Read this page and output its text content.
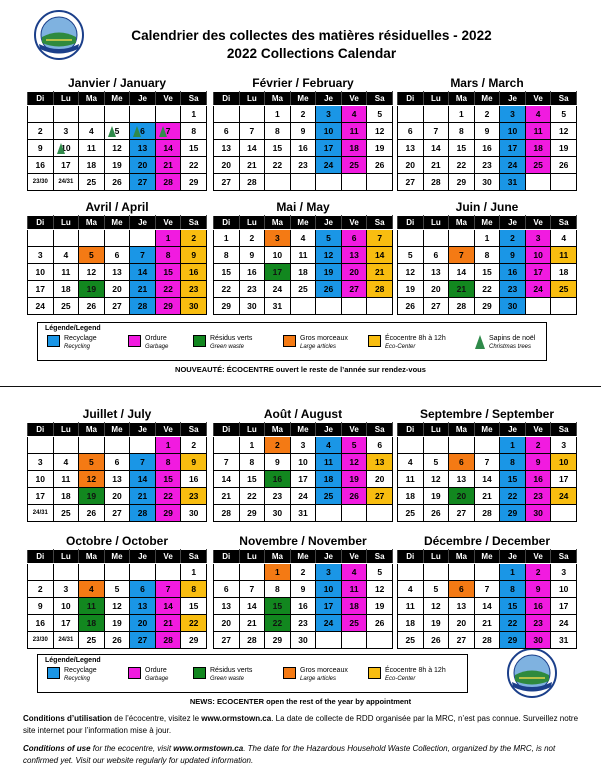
Calendrier des collectes des matières résiduelles - 2022
2022 Collections Calendar
Janvier / January
Di	Lu	Ma	Me	Je	Ve	Sa
						1
2	3	4	5	6	7	8
9	10	11	12	13	14	15
16	17	18	19	20	21	22
23/30	24/31	25	26	27	28	29
Février / February
Di	Lu	Ma	Me	Je	Ve	Sa
		1	2	3	4	5
6	7	8	9	10	11	12
13	14	15	16	17	18	19
20	21	22	23	24	25	26
27	28					
Mars / March
Di	Lu	Ma	Me	Je	Ve	Sa
		1	2	3	4	5
6	7	8	9	10	11	12
13	14	15	16	17	18	19
20	21	22	23	24	25	26
27	28	29	30	31		
Avril / April
Di	Lu	Ma	Me	Je	Ve	Sa
					1	2
3	4	5	6	7	8	9
10	11	12	13	14	15	16
17	18	19	20	21	22	23
24	25	26	27	28	29	30
Mai / May
Di	Lu	Ma	Me	Je	Ve	Sa
1	2	3	4	5	6	7
8	9	10	11	12	13	14
15	16	17	18	19	20	21
22	23	24	25	26	27	28
29	30	31				
Juin / June
Di	Lu	Ma	Me	Je	Ve	Sa
			1	2	3	4
5	6	7	8	9	10	11
12	13	14	15	16	17	18
19	20	21	22	23	24	25
26	27	28	29	30		
Juillet / July
Di	Lu	Ma	Me	Je	Ve	Sa
					1	2
3	4	5	6	7	8	9
10	11	12	13	14	15	16
17	18	19	20	21	22	23
24/31	25	26	27	28	29	30
Août / August
Di	Lu	Ma	Me	Je	Ve	Sa
	1	2	3	4	5	6
7	8	9	10	11	12	13
14	15	16	17	18	19	20
21	22	23	24	25	26	27
28	29	30	31			
Septembre / September
Di	Lu	Ma	Me	Je	Ve	Sa
				1	2	3
4	5	6	7	8	9	10
11	12	13	14	15	16	17
18	19	20	21	22	23	24
25	26	27	28	29	30	
Octobre / October
Di	Lu	Ma	Me	Je	Ve	Sa
						1
2	3	4	5	6	7	8
9	10	11	12	13	14	15
16	17	18	19	20	21	22
23/30	24/31	25	26	27	28	29
Novembre / November
Di	Lu	Ma	Me	Je	Ve	Sa
		1	2	3	4	5
6	7	8	9	10	11	12
13	14	15	16	17	18	19
20	21	22	23	24	25	26
27	28	29	30			
Décembre / December
Di	Lu	Ma	Me	Je	Ve	Sa
				1	2	3
4	5	6	7	8	9	10
11	12	13	14	15	16	17
18	19	20	21	22	23	24
25	26	27	28	29	30	31
Légende/Legend
Recyclage
Recycling
Ordure
Garbage
Résidus verts
Green waste
Gros morceaux
Large articles
Écocentre 8h à 12h
Eco-Center
Sapins de noël
Christmas trees
NOUVEAUTÉ: ÉCOCENTRE ouvert le reste de l’année sur rendez-vous
Légende/Legend
Recyclage
Recycling
Ordure
Garbage
Résidus verts
Green waste
Gros morceaux
Large articles
Écocentre 8h à 12h
Eco-Center
NEWS: ECOCENTER open the rest of the year by appointment
Conditions d’utilisation de l’écocentre, visitez le www.ormstown.ca. La date de collecte de RDD organisée par la MRC, n’est pas connue. Surveillez notre site internet pour l’information mise à jour.
Conditions of use for the ecocentre, visit www.ormstown.ca. The date for the Hazardous Household Waste Collection, organized by the MRC, is not confirmed yet. Visit our website regularly for updated information.
